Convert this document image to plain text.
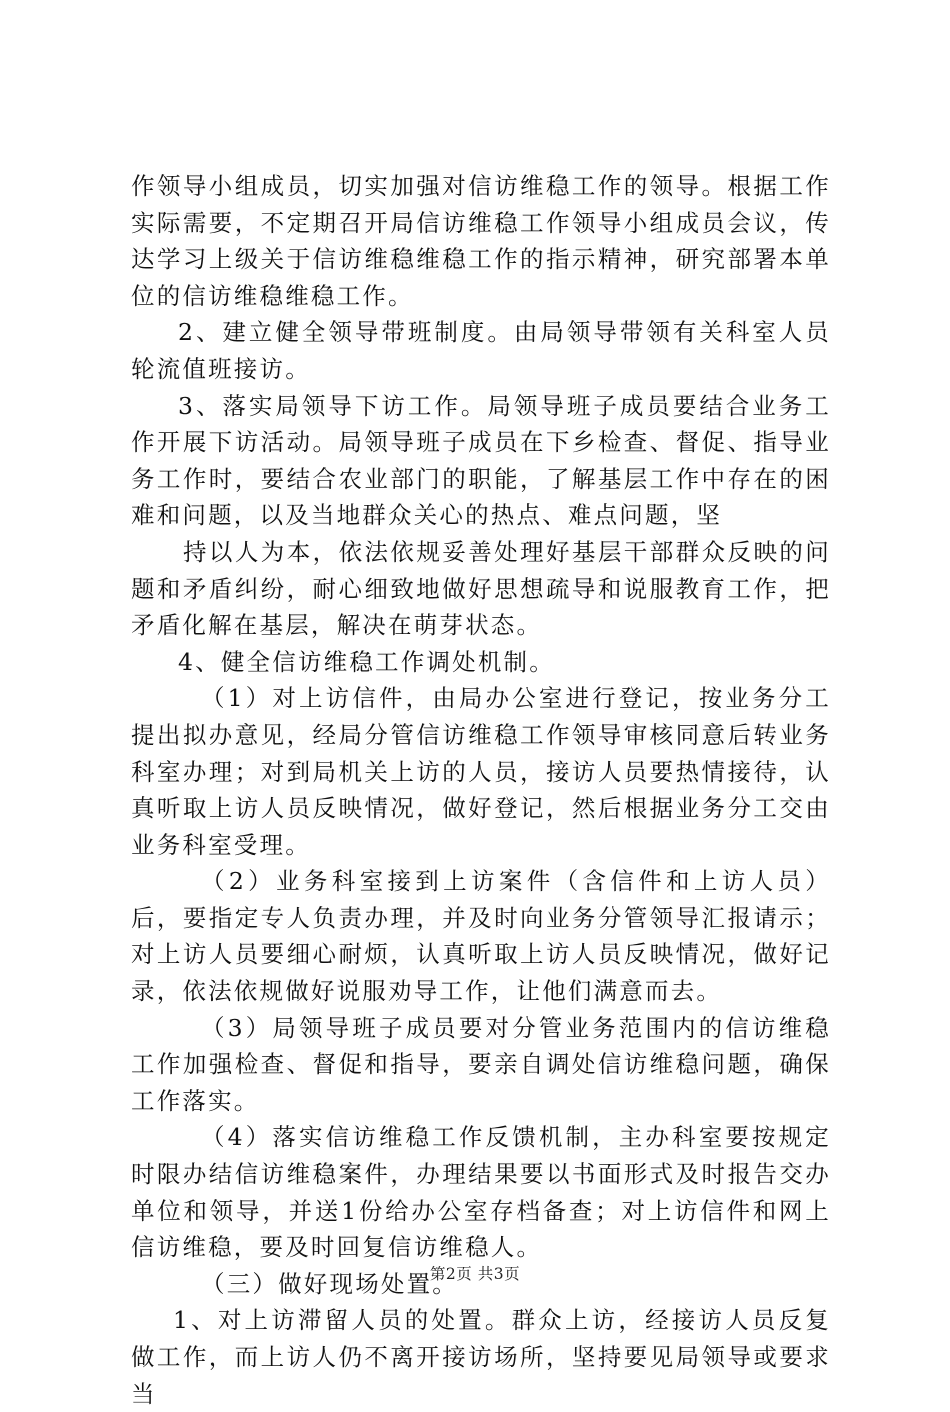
作领导小组成员，切实加强对信访维稳工作的领导。根据工作实际需要，不定期召开局信访维稳工作领导小组成员会议，传达学习上级关于信访维稳维稳工作的指示精神，研究部署本单位的信访维稳维稳工作。

2、建立健全领导带班制度。由局领导带领有关科室人员轮流值班接访。

3、落实局领导下访工作。局领导班子成员要结合业务工作开展下访活动。局领导班子成员在下乡检查、督促、指导业务工作时，要结合农业部门的职能，了解基层工作中存在的困难和问题，以及当地群众关心的热点、难点问题，坚

持以人为本，依法依规妥善处理好基层干部群众反映的问题和矛盾纠纷，耐心细致地做好思想疏导和说服教育工作，把矛盾化解在基层，解决在萌芽状态。

4、健全信访维稳工作调处机制。

（1）对上访信件，由局办公室进行登记，按业务分工提出拟办意见，经局分管信访维稳工作领导审核同意后转业务科室办理；对到局机关上访的人员，接访人员要热情接待，认真听取上访人员反映情况，做好登记，然后根据业务分工交由业务科室受理。

（2）业务科室接到上访案件（含信件和上访人员）后，要指定专人负责办理，并及时向业务分管领导汇报请示；对上访人员要细心耐烦，认真听取上访人员反映情况，做好记录，依法依规做好说服劝导工作，让他们满意而去。

（3）局领导班子成员要对分管业务范围内的信访维稳工作加强检查、督促和指导，要亲自调处信访维稳问题，确保工作落实。

（4）落实信访维稳工作反馈机制，主办科室要按规定时限办结信访维稳案件，办理结果要以书面形式及时报告交办单位和领导，并送1份给办公室存档备查；对上访信件和网上信访维稳，要及时回复信访维稳人。

（三）做好现场处置。

1、对上访滞留人员的处置。群众上访，经接访人员反复做工作，而上访人仍不离开接访场所，坚持要见局领导或要求当

第2页 共3页
